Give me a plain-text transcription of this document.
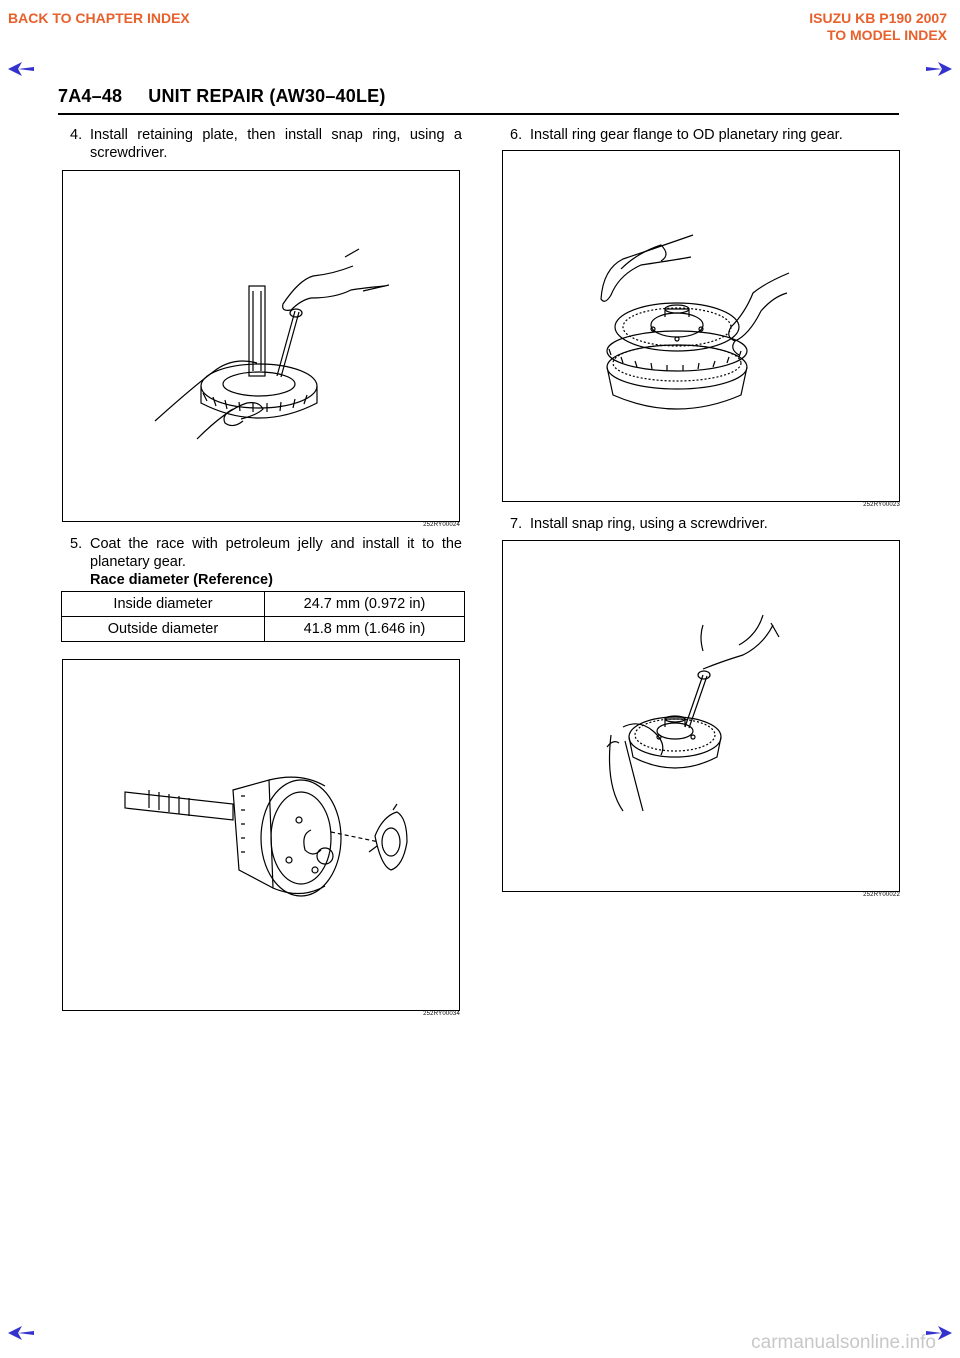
BACK TO CHAPTER INDEX	ISUZU KB P190 2007
TO MODEL INDEX
7A4–48 UNIT REPAIR (AW30–40LE)
4. Install retaining plate, then install snap ring, using a
screwdriver.
252RY00024
5. Coat the race with petroleum jelly and install it to the
planetary gear.
Race diameter (Reference)
Inside diameter	24.7 mm (0.972 in)
Outside diameter	41.8 mm (1.646 in)
252RY00034
6. Install ring gear flange to OD planetary ring gear.
252RY00023
7. Install snap ring, using a screwdriver.
252RY00022
carmanualsonline.info
